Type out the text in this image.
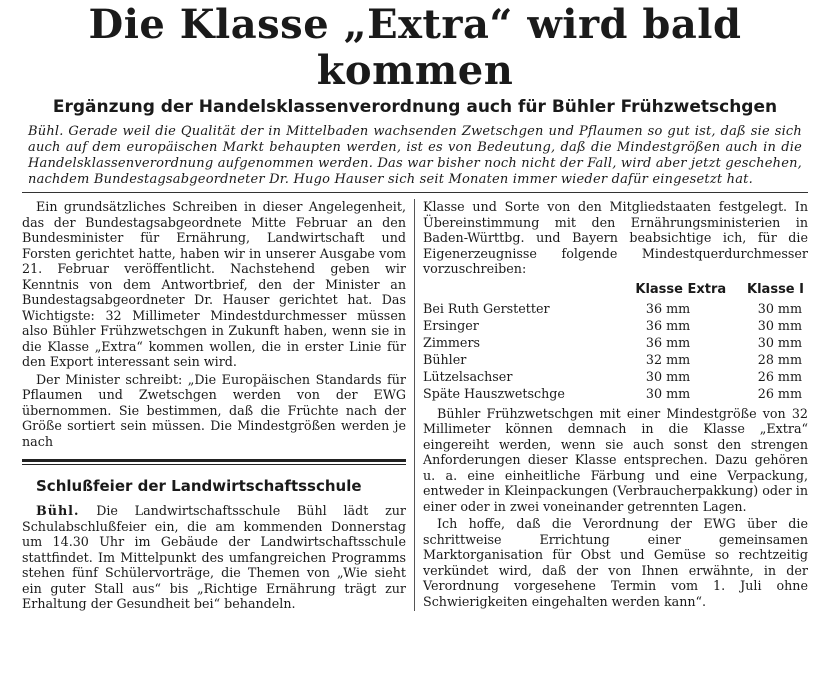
Die Klasse „Extra“ wird bald kommen
Ergänzung der Handelsklassenverordnung auch für Bühler Frühzwetschgen
Bühl. Gerade weil die Qualität der in Mittelbaden wachsenden Zwetschgen und Pflaumen so gut ist, daß sie sich auch auf dem europäischen Markt behaupten werden, ist es von Bedeutung, daß die Mindestgrößen auch in die Handelsklassenverordnung aufgenommen werden. Das war bisher noch nicht der Fall, wird aber jetzt geschehen, nachdem Bundestagsabgeordneter Dr. Hugo Hauser sich seit Monaten immer wieder dafür eingesetzt hat.

Ein grundsätzliches Schreiben in dieser Angelegenheit, das der Bundestagsabgeordnete Mitte Februar an den Bundesminister für Ernährung, Landwirtschaft und Forsten gerichtet hatte, haben wir in unserer Ausgabe vom 21. Februar veröffentlicht. Nachstehend geben wir Kenntnis von dem Antwortbrief, den der Minister an Bundestagsabgeordneter Dr. Hauser gerichtet hat. Das Wichtigste: 32 Millimeter Mindestdurchmesser müssen also Bühler Frühzwetschgen in Zukunft haben, wenn sie in die Klasse „Extra“ kommen wollen, die in erster Linie für den Export interessant sein wird.

Der Minister schreibt: „Die Europäischen Standards für Pflaumen und Zwetschgen werden von der EWG übernommen. Sie bestimmen, daß die Früchte nach der Größe sortiert sein müssen. Die Mindestgrößen werden je nach

Schlußfeier der Landwirtschaftsschule

Bühl. Die Landwirtschaftsschule Bühl lädt zur Schulabschlußfeier ein, die am kommenden Donnerstag um 14.30 Uhr im Gebäude der Landwirtschaftsschule stattfindet. Im Mittelpunkt des umfangreichen Programms stehen fünf Schülervorträge, die Themen von „Wie sieht ein guter Stall aus“ bis „Richtige Ernährung trägt zur Erhaltung der Gesundheit bei“ behandeln.

Klasse und Sorte von den Mitgliedstaaten festgelegt. In Übereinstimmung mit den Ernährungsministerien in Baden-Württbg. und Bayern beabsichtige ich, für die Eigenerzeugnisse folgende Mindestquerdurchmesser vorzuschreiben:

	Klasse Extra	Klasse I
Bei Ruth Gerstetter	36 mm	30 mm
Ersinger	36 mm	30 mm
Zimmers	36 mm	30 mm
Bühler	32 mm	28 mm
Lützelsachser	30 mm	26 mm
Späte Hauszwetschge	30 mm	26 mm

Bühler Frühzwetschgen mit einer Mindestgröße von 32 Millimeter können demnach in die Klasse „Extra“ eingereiht werden, wenn sie auch sonst den strengen Anforderungen dieser Klasse entsprechen. Dazu gehören u. a. eine einheitliche Färbung und eine Verpackung, entweder in Kleinpackungen (Verbraucherpakkung) oder in einer oder in zwei voneinander getrennten Lagen.

Ich hoffe, daß die Verordnung der EWG über die schrittweise Errichtung einer gemeinsamen Marktorganisation für Obst und Gemüse so rechtzeitig verkündet wird, daß der von Ihnen erwähnte, in der Verordnung vorgesehene Termin vom 1. Juli ohne Schwierigkeiten eingehalten werden kann“.
